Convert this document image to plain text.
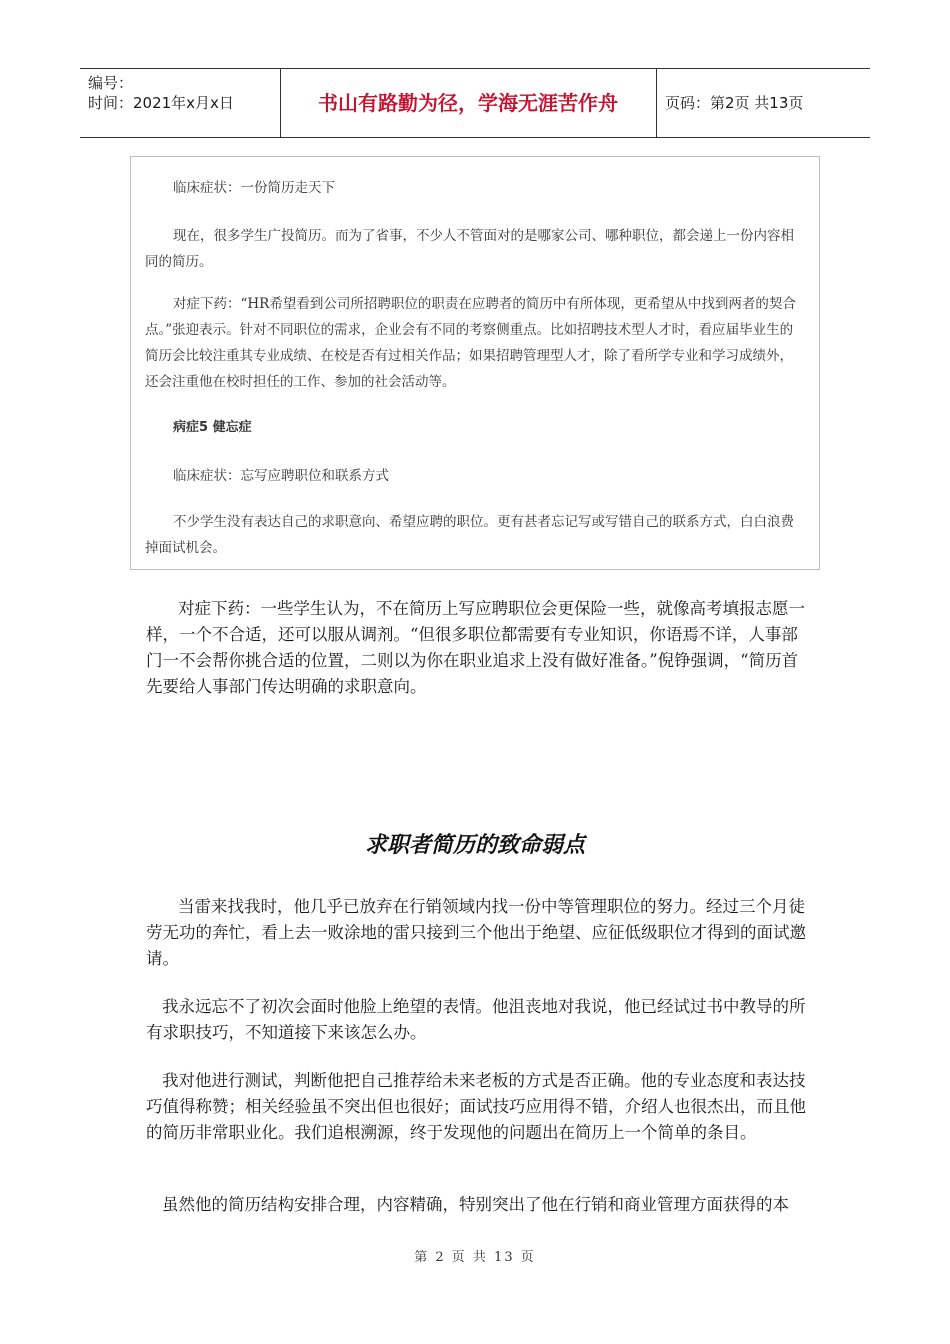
编号：
时间：2021年x月x日	书山有路勤为径，学海无涯苦作舟	页码：第2页 共13页

临床症状：一份简历走天下

现在，很多学生广投简历。而为了省事，不少人不管面对的是哪家公司、哪种职位，都会递上一份内容相同的简历。

对症下药：“HR希望看到公司所招聘职位的职责在应聘者的简历中有所体现，更希望从中找到两者的契合点。”张迎表示。针对不同职位的需求，企业会有不同的考察侧重点。比如招聘技术型人才时，看应届毕业生的简历会比较注重其专业成绩、在校是否有过相关作品；如果招聘管理型人才，除了看所学专业和学习成绩外，还会注重他在校时担任的工作、参加的社会活动等。

病症5 健忘症

临床症状：忘写应聘职位和联系方式

不少学生没有表达自己的求职意向、希望应聘的职位。更有甚者忘记写或写错自己的联系方式，白白浪费掉面试机会。

对症下药：一些学生认为，不在简历上写应聘职位会更保险一些，就像高考填报志愿一样，一个不合适，还可以服从调剂。“但很多职位都需要有专业知识，你语焉不详，人事部门一不会帮你挑合适的位置，二则以为你在职业追求上没有做好准备。”倪铮强调，“简历首先要给人事部门传达明确的求职意向。

求职者简历的致命弱点

当雷来找我时，他几乎已放弃在行销领域内找一份中等管理职位的努力。经过三个月徒劳无功的奔忙，看上去一败涂地的雷只接到三个他出于绝望、应征低级职位才得到的面试邀请。

我永远忘不了初次会面时他脸上绝望的表情。他沮丧地对我说，他已经试过书中教导的所有求职技巧，不知道接下来该怎么办。

我对他进行测试，判断他把自己推荐给未来老板的方式是否正确。他的专业态度和表达技巧值得称赞；相关经验虽不突出但也很好；面试技巧应用得不错，介绍人也很杰出，而且他的简历非常职业化。我们追根溯源，终于发现他的问题出在简历上一个简单的条目。

虽然他的简历结构安排合理，内容精确，特别突出了他在行销和商业管理方面获得的本

第 2 页 共 13 页
